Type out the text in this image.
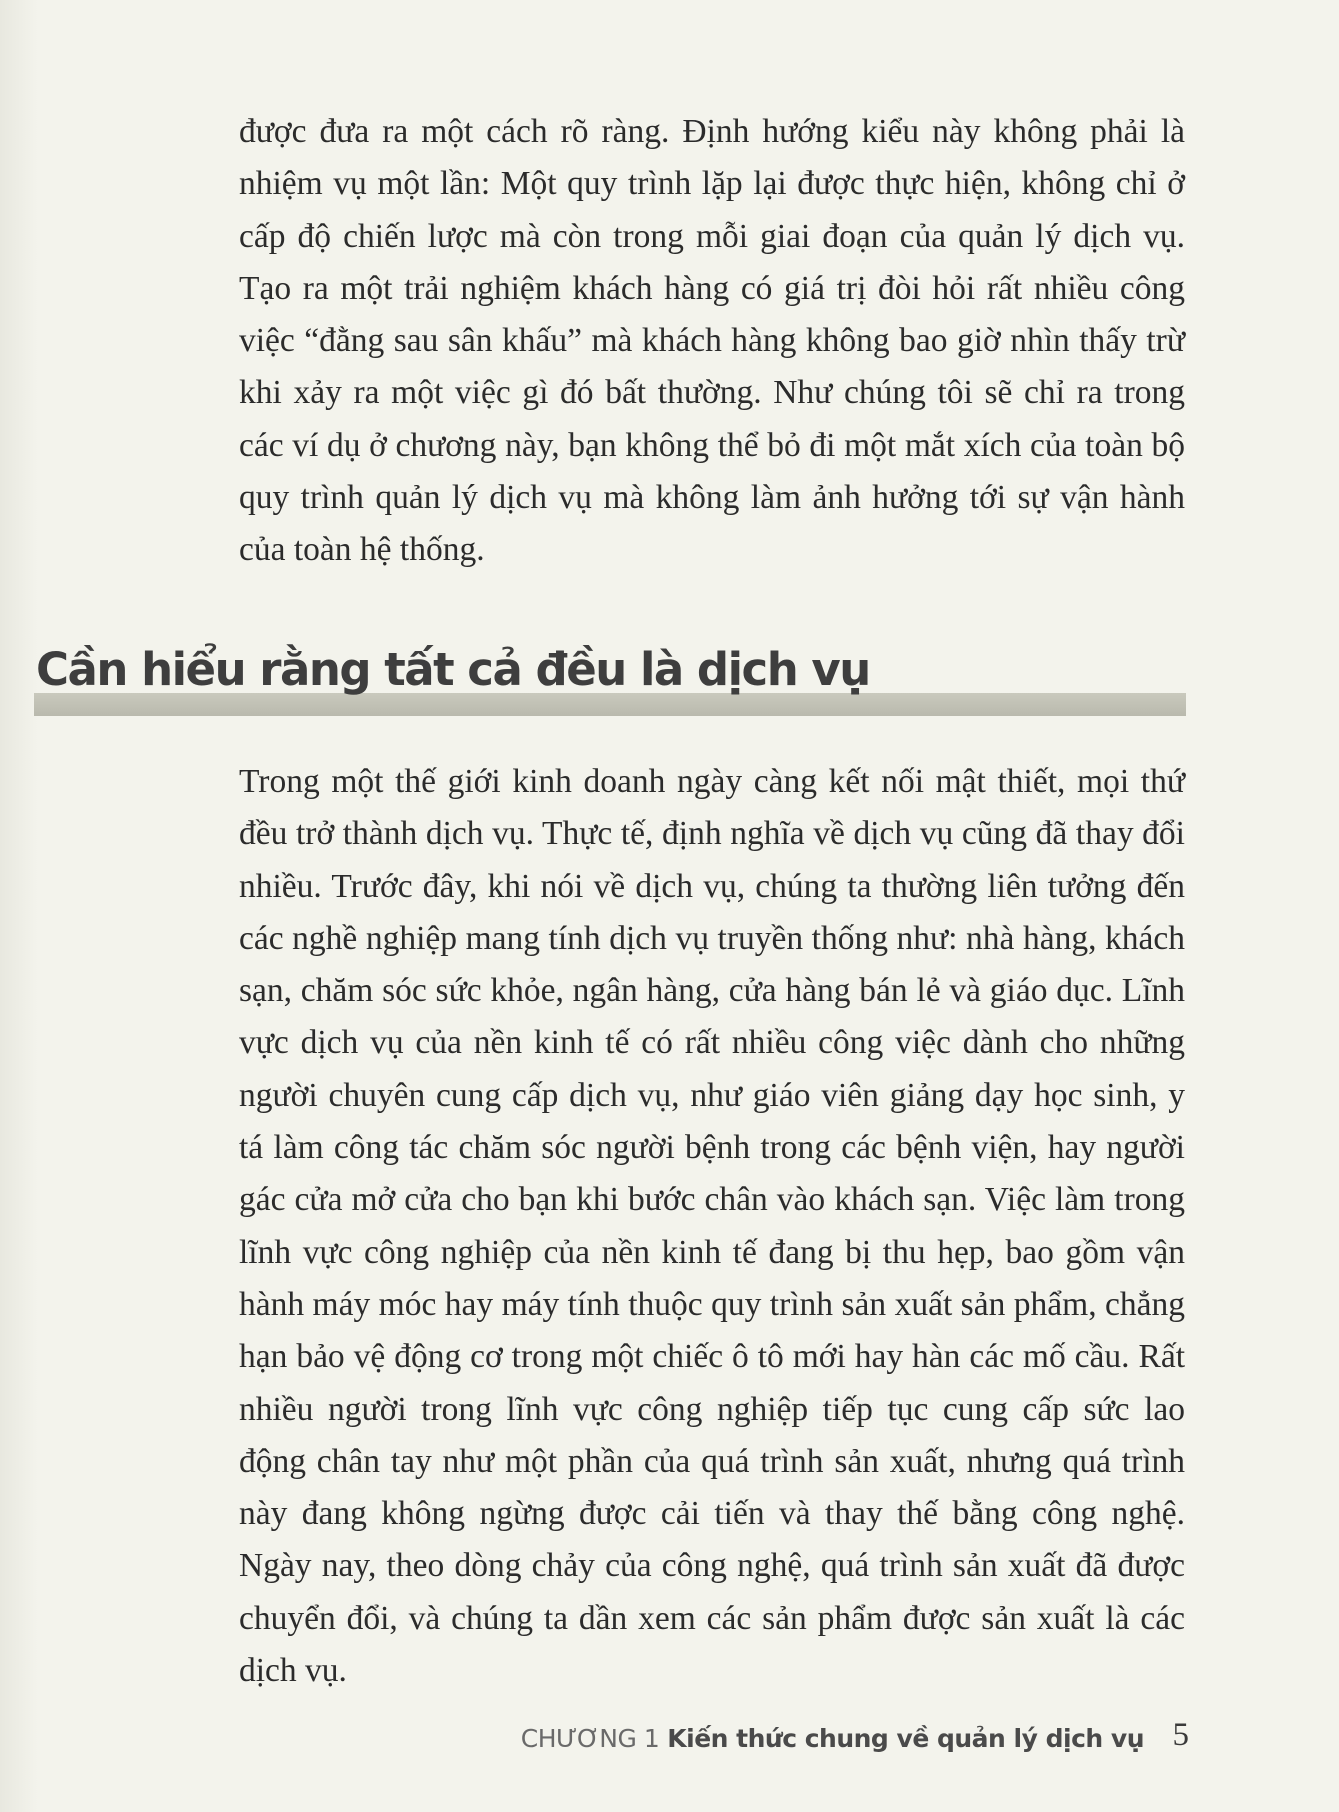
được đưa ra một cách rõ ràng. Định hướng kiểu này không phải là nhiệm vụ một lần: Một quy trình lặp lại được thực hiện, không chỉ ở cấp độ chiến lược mà còn trong mỗi giai đoạn của quản lý dịch vụ. Tạo ra một trải nghiệm khách hàng có giá trị đòi hỏi rất nhiều công việc “đằng sau sân khấu” mà khách hàng không bao giờ nhìn thấy trừ khi xảy ra một việc gì đó bất thường. Như chúng tôi sẽ chỉ ra trong các ví dụ ở chương này, bạn không thể bỏ đi một mắt xích của toàn bộ quy trình quản lý dịch vụ mà không làm ảnh hưởng tới sự vận hành của toàn hệ thống.

Cần hiểu rằng tất cả đều là dịch vụ

Trong một thế giới kinh doanh ngày càng kết nối mật thiết, mọi thứ đều trở thành dịch vụ. Thực tế, định nghĩa về dịch vụ cũng đã thay đổi nhiều. Trước đây, khi nói về dịch vụ, chúng ta thường liên tưởng đến các nghề nghiệp mang tính dịch vụ truyền thống như: nhà hàng, khách sạn, chăm sóc sức khỏe, ngân hàng, cửa hàng bán lẻ và giáo dục. Lĩnh vực dịch vụ của nền kinh tế có rất nhiều công việc dành cho những người chuyên cung cấp dịch vụ, như giáo viên giảng dạy học sinh, y tá làm công tác chăm sóc người bệnh trong các bệnh viện, hay người gác cửa mở cửa cho bạn khi bước chân vào khách sạn. Việc làm trong lĩnh vực công nghiệp của nền kinh tế đang bị thu hẹp, bao gồm vận hành máy móc hay máy tính thuộc quy trình sản xuất sản phẩm, chẳng hạn bảo vệ động cơ trong một chiếc ô tô mới hay hàn các mố cầu. Rất nhiều người trong lĩnh vực công nghiệp tiếp tục cung cấp sức lao động chân tay như một phần của quá trình sản xuất, nhưng quá trình này đang không ngừng được cải tiến và thay thế bằng công nghệ. Ngày nay, theo dòng chảy của công nghệ, quá trình sản xuất đã được chuyển đổi, và chúng ta dần xem các sản phẩm được sản xuất là các dịch vụ.

CHƯƠNG 1 Kiến thức chung về quản lý dịch vụ 5
